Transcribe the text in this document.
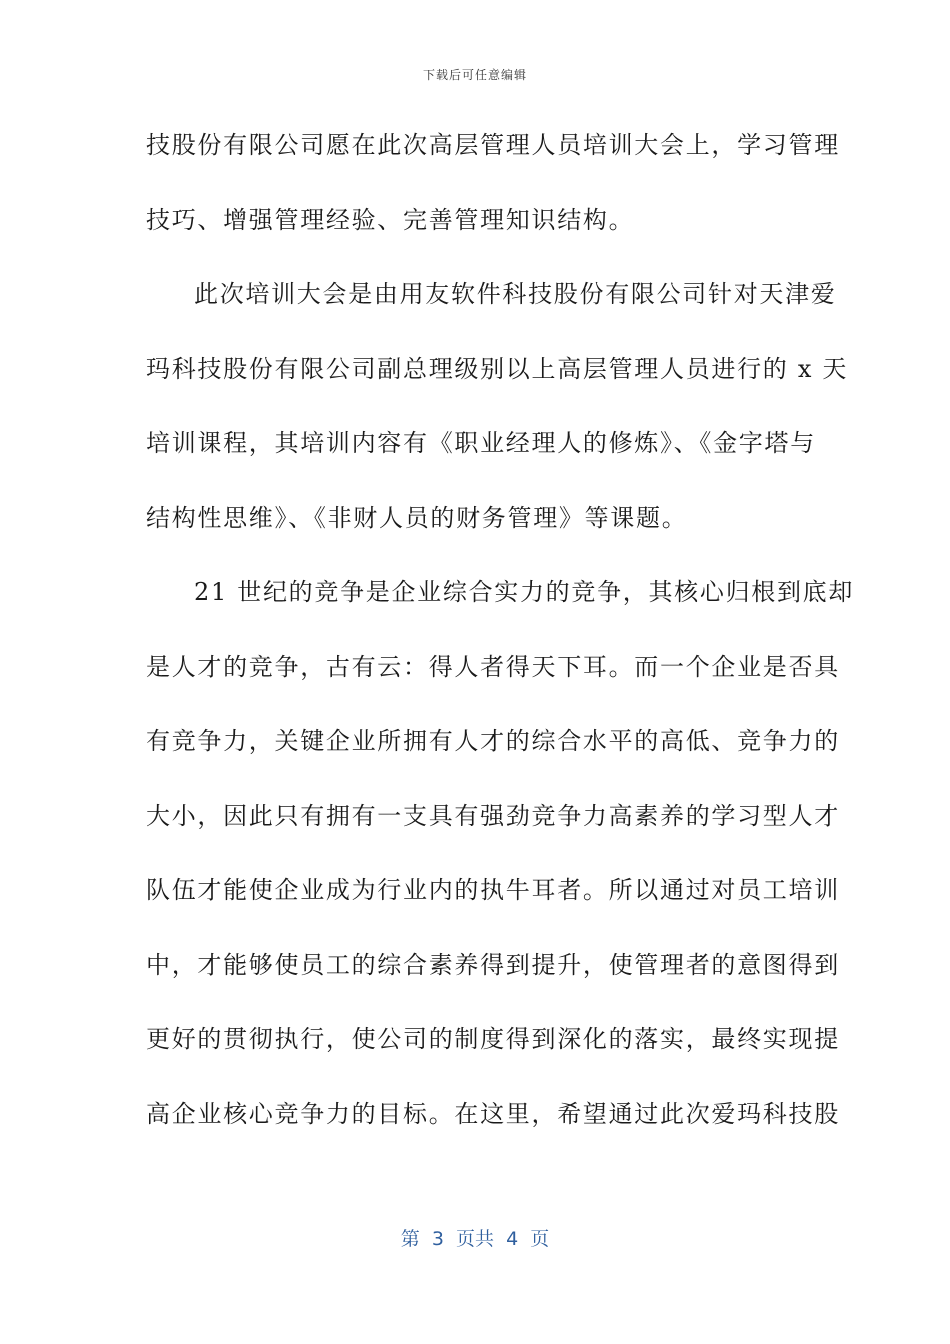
下载后可任意编辑
技股份有限公司愿在此次高层管理人员培训大会上，学习管理
技巧、增强管理经验、完善管理知识结构。
此次培训大会是由用友软件科技股份有限公司针对天津爱
玛科技股份有限公司副总理级别以上高层管理人员进行的 x 天
培训课程，其培训内容有《职业经理人的修炼》、《金字塔与
结构性思维》、《非财人员的财务管理》等课题。
21 世纪的竞争是企业综合实力的竞争，其核心归根到底却
是人才的竞争，古有云：得人者得天下耳。而一个企业是否具
有竞争力，关键企业所拥有人才的综合水平的高低、竞争力的
大小，因此只有拥有一支具有强劲竞争力高素养的学习型人才
队伍才能使企业成为行业内的执牛耳者。所以通过对员工培训
中，才能够使员工的综合素养得到提升，使管理者的意图得到
更好的贯彻执行，使公司的制度得到深化的落实，最终实现提
高企业核心竞争力的目标。在这里，希望通过此次爱玛科技股
第  3  页共  4  页
